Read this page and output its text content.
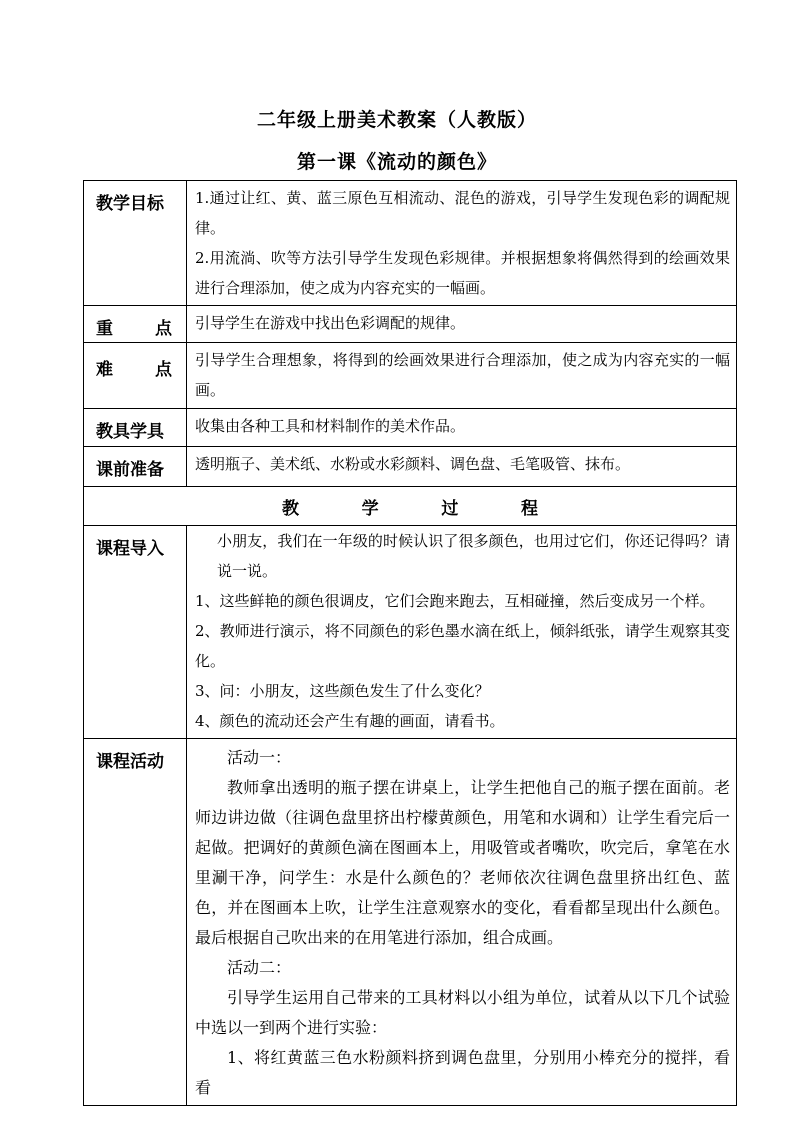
二年级上册美术教案（人教版）
第一课《流动的颜色》
教学目标	1.通过让红、黄、蓝三原色互相流动、混色的游戏，引导学生发现色彩的调配规律。
2.用流淌、吹等方法引导学生发现色彩规律。并根据想象将偶然得到的绘画效果进行合理添加，使之成为内容充实的一幅画。

重 点	引导学生在游戏中找出色彩调配的规律。

难 点	引导学生合理想象，将得到的绘画效果进行合理添加，使之成为内容充实的一幅画。
教具学具	收集由各种工具和材料制作的美术作品。
课前准备	透明瓶子、美术纸、水粉或水彩颜料、调色盘、毛笔吸管、抹布。

教 学 过 程	

课程导入	小朋友，我们在一年级的时候认识了很多颜色，也用过它们，你还记得吗？请说一说。

1、这些鲜艳的颜色很调皮，它们会跑来跑去，互相碰撞，然后变成另一个样。

2、教师进行演示，将不同颜色的彩色墨水滴在纸上，倾斜纸张，请学生观察其变化。

3、问：小朋友，这些颜色发生了什么变化？

4、颜色的流动还会产生有趣的画面，请看书。

课程活动	活动一：

教师拿出透明的瓶子摆在讲桌上，让学生把他自己的瓶子摆在面前。老师边讲边做（往调色盘里挤出柠檬黄颜色，用笔和水调和）让学生看完后一起做。把调好的黄颜色滴在图画本上，用吸管或者嘴吹，吹完后，拿笔在水里涮干净，问学生：水是什么颜色的？老师依次往调色盘里挤出红色、蓝色，并在图画本上吹，让学生注意观察水的变化，看看都呈现出什么颜色。最后根据自己吹出来的在用笔进行添加，组合成画。

活动二：

引导学生运用自己带来的工具材料以小组为单位，试着从以下几个试验中选以一到两个进行实验：

1、将红黄蓝三色水粉颜料挤到调色盘里，分别用小棒充分的搅拌，看看
